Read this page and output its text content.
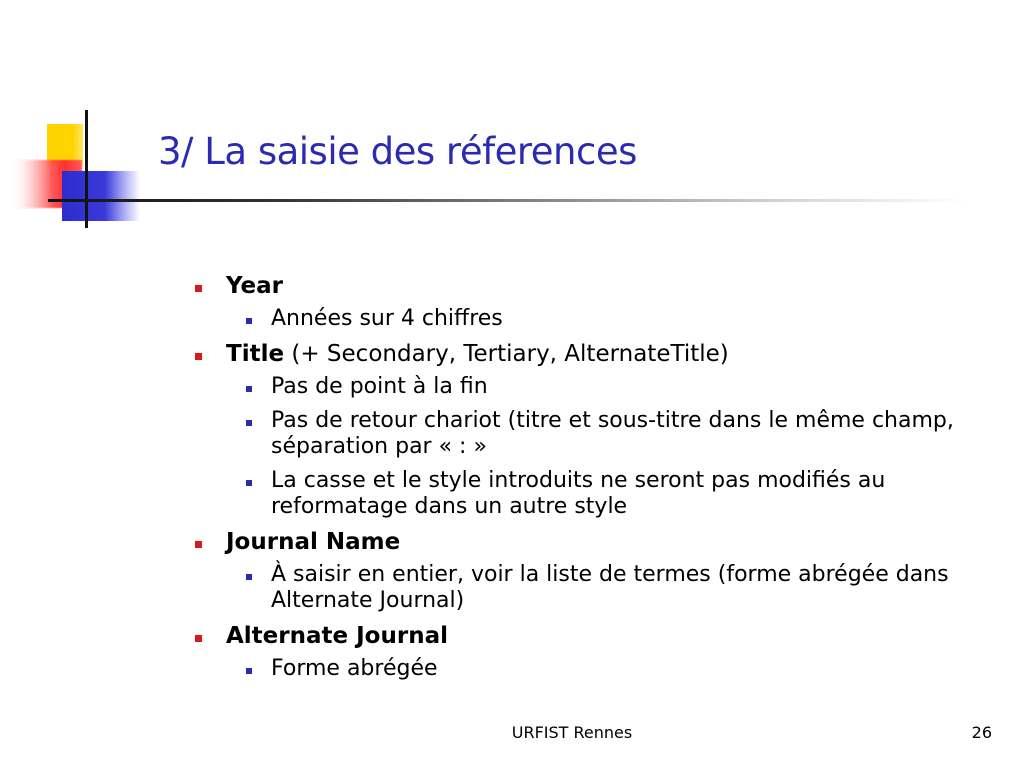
3/ La saisie des réferences
Year
Années sur 4 chiffres
Title (+ Secondary, Tertiary, AlternateTitle)
Pas de point à la fin
Pas de retour chariot (titre et sous-titre dans le même champ, séparation par « : »
La casse et le style introduits ne seront pas modifiés au reformatage dans un autre style
Journal Name
À saisir en entier, voir la liste de termes (forme abrégée dans Alternate Journal)
Alternate Journal
Forme abrégée
URFIST Rennes	26
